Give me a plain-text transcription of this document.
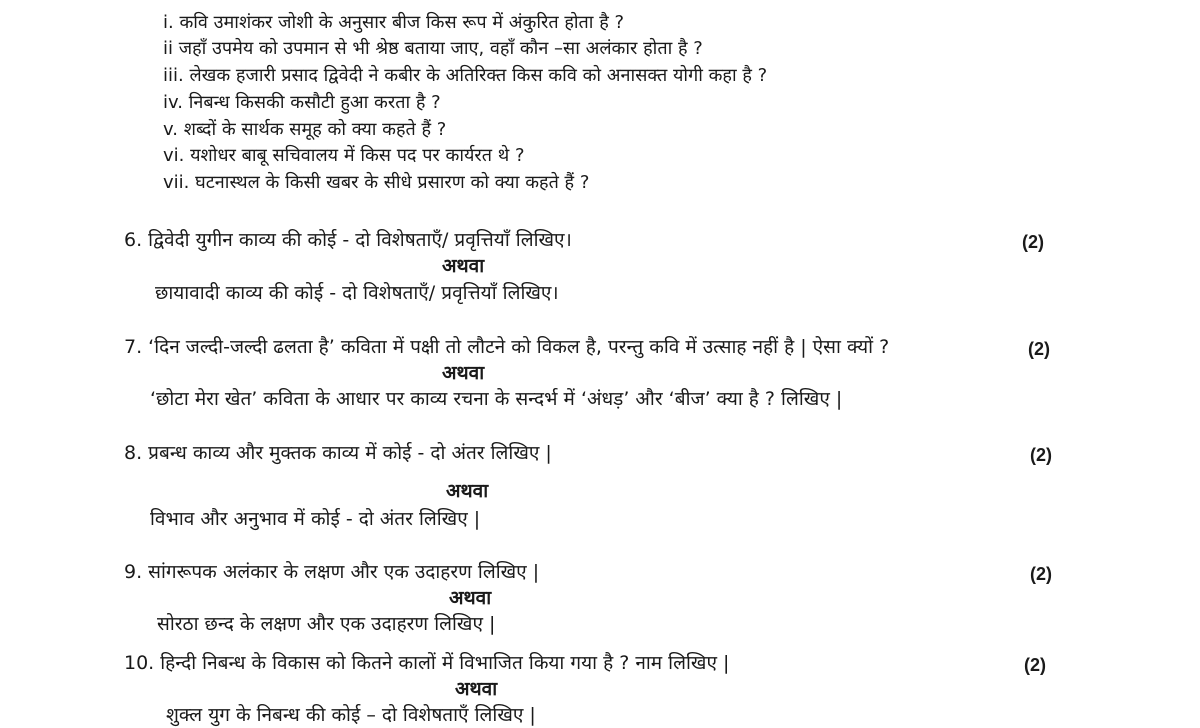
i. कवि उमाशंकर जोशी के अनुसार बीज किस रूप में अंकुरित होता है ?
ii जहाँ उपमेय को उपमान से भी श्रेष्ठ बताया जाए, वहाँ कौन –सा अलंकार होता है ?
iii. लेखक हजारी प्रसाद द्विवेदी ने कबीर के अतिरिक्त किस कवि को अनासक्त योगी कहा है ?
iv. निबन्ध किसकी कसौटी हुआ करता है ?
v. शब्दों के सार्थक समूह को क्या कहते हैं ?
vi. यशोधर बाबू सचिवालय में किस पद पर कार्यरत थे ?
vii. घटनास्थल के किसी खबर के सीधे प्रसारण को क्या कहते हैं ?
6. द्विवेदी युगीन काव्य की कोई - दो विशेषताएँ/ प्रवृत्तियाँ लिखिए।	(2)
अथवा
छायावादी काव्य की कोई - दो विशेषताएँ/ प्रवृत्तियाँ लिखिए।
7. ‘दिन जल्दी-जल्दी ढलता है’ कविता में पक्षी तो लौटने को विकल है, परन्तु कवि में उत्साह नहीं है | ऐसा क्यों ?	(2)
अथवा
‘छोटा मेरा खेत’ कविता के आधार पर काव्य रचना के सन्दर्भ में ‘अंधड़’ और ‘बीज’ क्या है ? लिखिए |
8. प्रबन्ध काव्य और मुक्तक काव्य में कोई - दो अंतर लिखिए |	(2)
अथवा
विभाव और अनुभाव में कोई - दो अंतर लिखिए |
9. सांगरूपक अलंकार के लक्षण और एक उदाहरण लिखिए |	(2)
अथवा
सोरठा छन्द के लक्षण और एक उदाहरण लिखिए |
10. हिन्दी निबन्ध के विकास को कितने कालों में विभाजित किया गया है ? नाम लिखिए |	(2)
अथवा
शुक्ल युग के निबन्ध की कोई – दो विशेषताएँ लिखिए |
